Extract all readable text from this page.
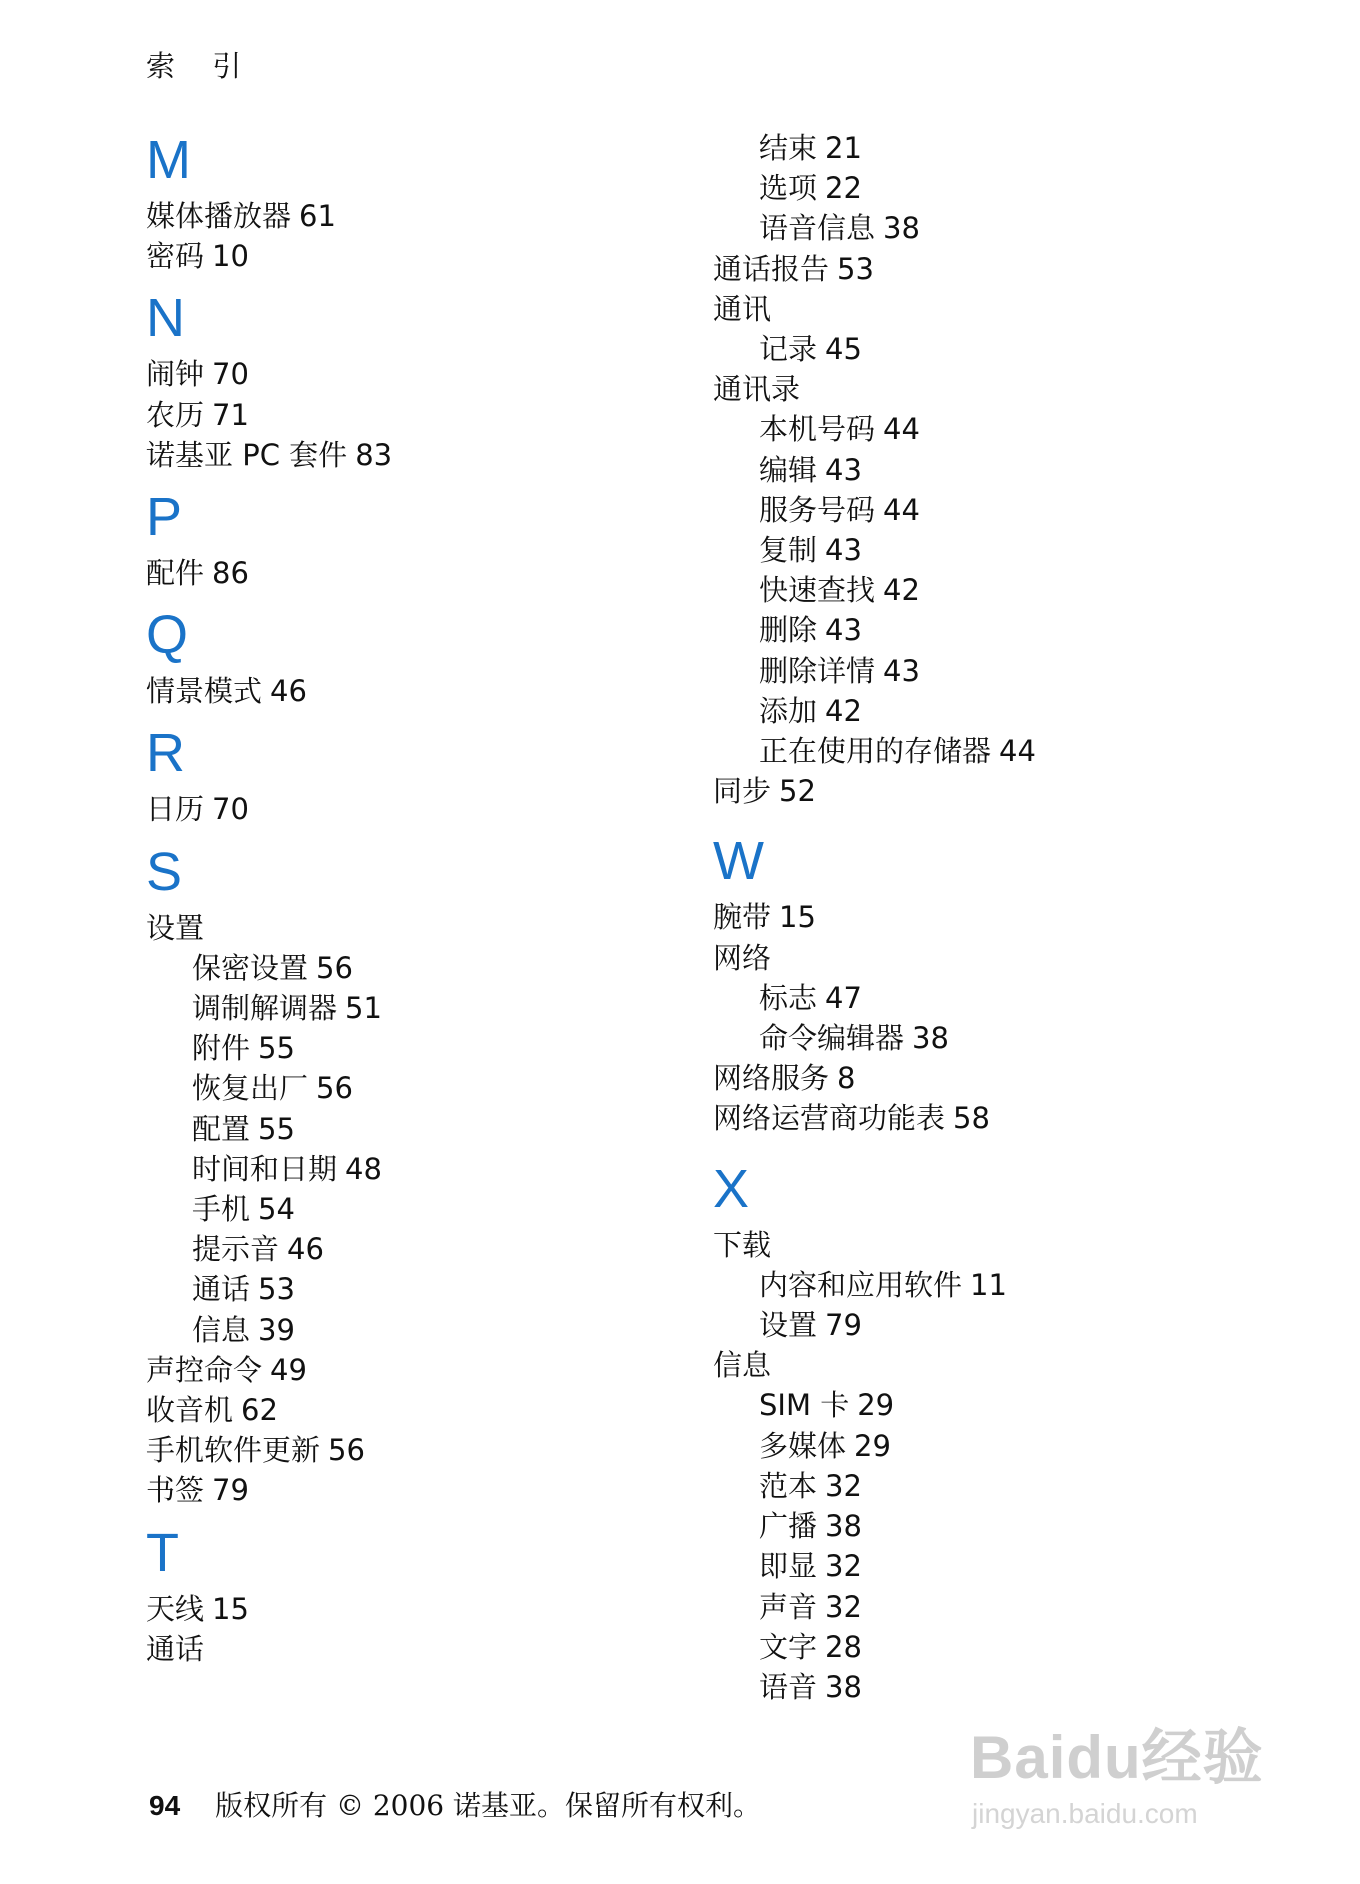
索 引
M
媒体播放器 61
密码 10
N
闹钟 70
农历 71
诺基亚 PC 套件 83
P
配件 86
Q
情景模式 46
R
日历 70
S
设置
保密设置 56
调制解调器 51
附件 55
恢复出厂 56
配置 55
时间和日期 48
手机 54
提示音 46
通话 53
信息 39
声控命令 49
收音机 62
手机软件更新 56
书签 79
T
天线 15
通话
结束 21
选项 22
语音信息 38
通话报告 53
通讯
记录 45
通讯录
本机号码 44
编辑 43
服务号码 44
复制 43
快速查找 42
删除 43
删除详情 43
添加 42
正在使用的存储器 44
同步 52
W
腕带 15
网络
标志 47
命令编辑器 38
网络服务 8
网络运营商功能表 58
X
下载
内容和应用软件 11
设置 79
信息
SIM 卡 29
多媒体 29
范本 32
广播 38
即显 32
声音 32
文字 28
语音 38
94 版权所有 © 2006 诺基亚。保留所有权利。
Baidu经验
jingyan.baidu.com
